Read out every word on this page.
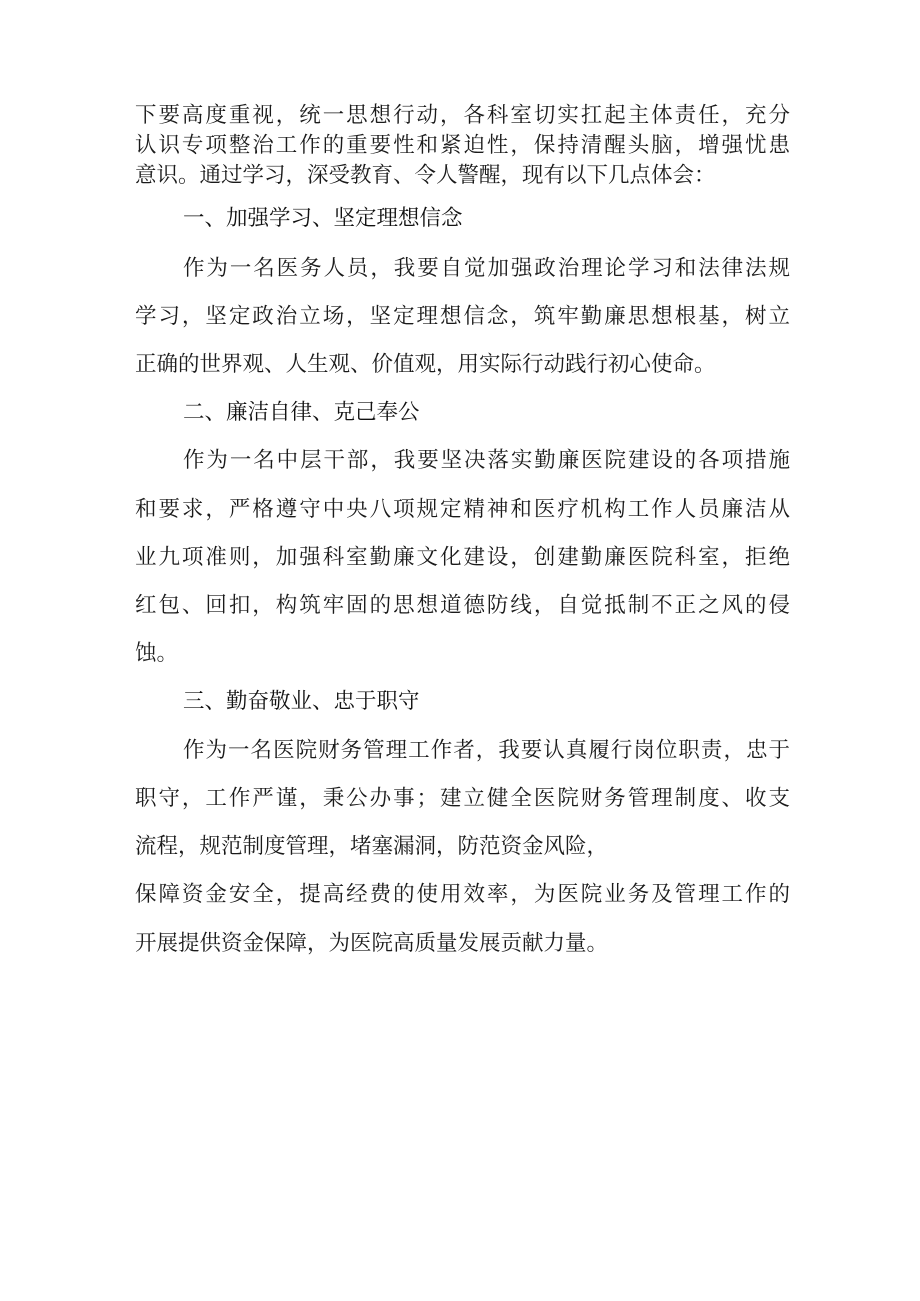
下要高度重视，统一思想行动，各科室切实扛起主体责任，充分
认识专项整治工作的重要性和紧迫性，保持清醒头脑，增强忧患
意识。通过学习，深受教育、令人警醒，现有以下几点体会：
一、加强学习、坚定理想信念
作为一名医务人员，我要自觉加强政治理论学习和法律法规
学习，坚定政治立场，坚定理想信念，筑牢勤廉思想根基，树立
正确的世界观、人生观、价值观，用实际行动践行初心使命。
二、廉洁自律、克己奉公
作为一名中层干部，我要坚决落实勤廉医院建设的各项措施
和要求，严格遵守中央八项规定精神和医疗机构工作人员廉洁从
业九项准则，加强科室勤廉文化建设，创建勤廉医院科室，拒绝
红包、回扣，构筑牢固的思想道德防线，自觉抵制不正之风的侵
蚀。
三、勤奋敬业、忠于职守
作为一名医院财务管理工作者，我要认真履行岗位职责，忠于
职守，工作严谨，秉公办事；建立健全医院财务管理制度、收支
流程，规范制度管理，堵塞漏洞，防范资金风险，
保障资金安全，提高经费的使用效率，为医院业务及管理工作的
开展提供资金保障，为医院高质量发展贡献力量。
